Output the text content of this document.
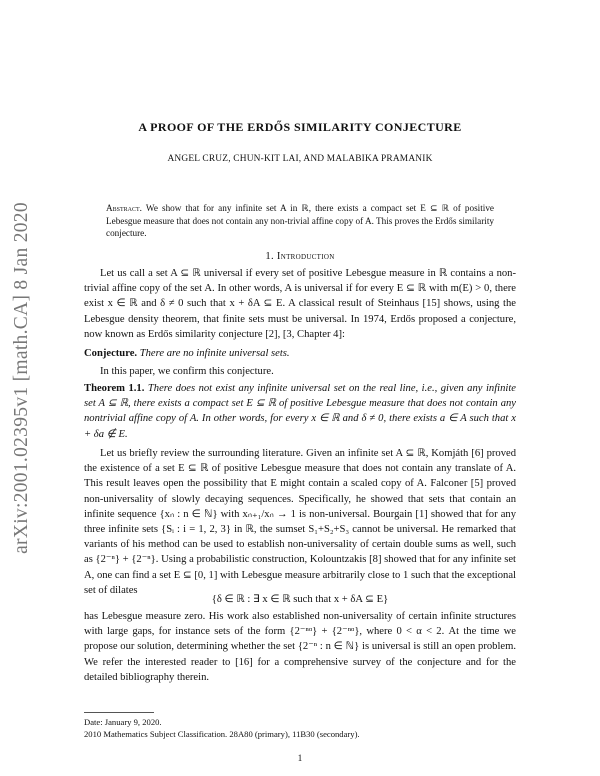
arXiv:2001.02395v1 [math.CA] 8 Jan 2020
A PROOF OF THE ERDŐS SIMILARITY CONJECTURE
ANGEL CRUZ, CHUN-KIT LAI, AND MALABIKA PRAMANIK
Abstract. We show that for any infinite set A in ℝ, there exists a compact set E ⊆ ℝ of positive Lebesgue measure that does not contain any non-trivial affine copy of A. This proves the Erdős similarity conjecture.
1. Introduction

Let us call a set A ⊆ ℝ universal if every set of positive Lebesgue measure in ℝ contains a non-trivial affine copy of the set A. In other words, A is universal if for every E ⊆ ℝ with m(E) > 0, there exist x ∈ ℝ and δ ≠ 0 such that x + δA ⊆ E. A classical result of Steinhaus [15] shows, using the Lebesgue density theorem, that finite sets must be universal. In 1974, Erdős proposed a conjecture, now known as Erdős similarity conjecture [2], [3, Chapter 4]:

Conjecture. There are no infinite universal sets.

In this paper, we confirm this conjecture.

Theorem 1.1. There does not exist any infinite universal set on the real line, i.e., given any infinite set A ⊆ ℝ, there exists a compact set E ⊆ ℝ of positive Lebesgue measure that does not contain any nontrivial affine copy of A. In other words, for every x ∈ ℝ and δ ≠ 0, there exists a ∈ A such that x + δa ∉ E.

Let us briefly review the surrounding literature. Given an infinite set A ⊆ ℝ, Komjáth [6] proved the existence of a set E ⊆ ℝ of positive Lebesgue measure that does not contain any translate of A. This result leaves open the possibility that E might contain a scaled copy of A. Falconer [5] proved non-universality of slowly decaying sequences. Specifically, he showed that sets that contain an infinite sequence {xₙ : n ∈ ℕ} with xₙ₊₁/xₙ → 1 is non-universal. Bourgain [1] showed that for any three infinite sets {Sᵢ : i = 1, 2, 3} in ℝ, the sumset S₁+S₂+S₃ cannot be universal. He remarked that variants of his method can be used to establish non-universality of certain double sums as well, such as {2⁻ⁿ} + {2⁻ⁿ}. Using a probabilistic construction, Kolountzakis [8] showed that for any infinite set A, one can find a set E ⊆ [0, 1] with Lebesgue measure arbitrarily close to 1 such that the exceptional set of dilates

{δ ∈ ℝ : ∃ x ∈ ℝ such that x + δA ⊆ E}

has Lebesgue measure zero. His work also established non-universality of certain infinite structures with large gaps, for instance sets of the form {2⁻ⁿᵅ} + {2⁻ⁿᵅ}, where 0 < α < 2. At the time we propose our solution, determining whether the set {2⁻ⁿ : n ∈ ℕ} is universal is still an open problem. We refer the interested reader to [16] for a comprehensive survey of the conjecture and for the detailed bibliography therein.

Date: January 9, 2020.
2010 Mathematics Subject Classification. 28A80 (primary), 11B30 (secondary).
1
